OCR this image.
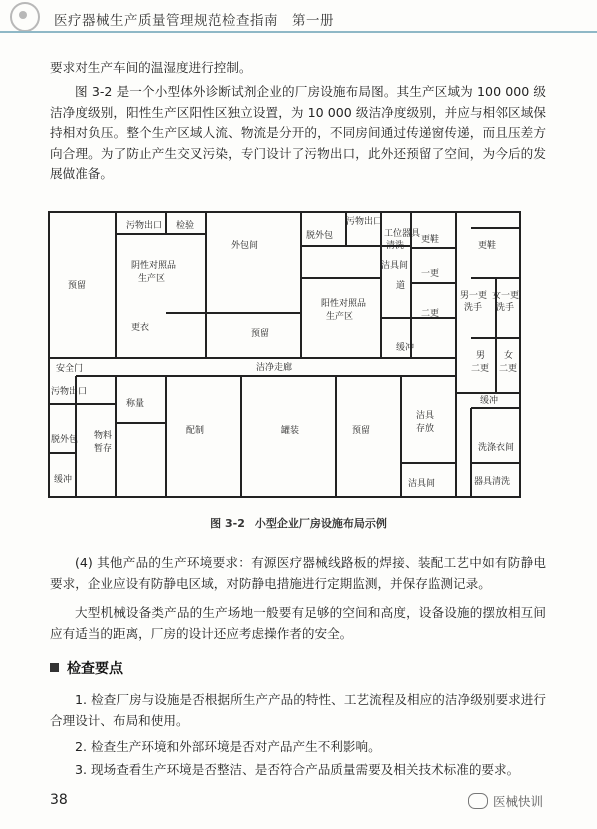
医疗器械生产质量管理规范检查指南　第一册
要求对生产车间的温湿度进行控制。
图 3-2 是一个小型体外诊断试剂企业的厂房设施布局图。其生产区域为 100 000 级洁净度级别，阳性生产区阳性区独立设置，为 10 000 级洁净度级别，并应与相邻区域保持相对负压。整个生产区域人流、物流是分开的，不同房间通过传递窗传递，而且压差方向合理。为了防止产生交叉污染，专门设计了污物出口，此外还预留了空间，为今后的发展做准备。
污物出口 检验
预留
阴性对照品
生产区
外包间
脱外包
污物出口
工位器具
清洗
洁具间
道
更鞋
一更
二更
缓冲
更鞋
男一更
洗手
女一更
洗手
男
二更
女
二更
阳性对照品
生产区
预留
更衣
安全门	洁净走廊
污物出口
称量
物料
暂存
脱外包
缓冲
配制	罐装	预留
洁具
存放
洁具间
缓冲
洗涤衣间
器具清洗
图 3-2 小型企业厂房设施布局示例
(4) 其他产品的生产环境要求：有源医疗器械线路板的焊接、装配工艺中如有防静电要求，企业应设有防静电区域，对防静电措施进行定期监测，并保存监测记录。
大型机械设备类产品的生产场地一般要有足够的空间和高度，设备设施的摆放相互间应有适当的距离，厂房的设计还应考虑操作者的安全。
检查要点
1. 检查厂房与设施是否根据所生产产品的特性、工艺流程及相应的洁净级别要求进行合理设计、布局和使用。
2. 检查生产环境和外部环境是否对产品产生不利影响。
3. 现场查看生产环境是否整洁、是否符合产品质量需要及相关技术标准的要求。
38	医械快训
